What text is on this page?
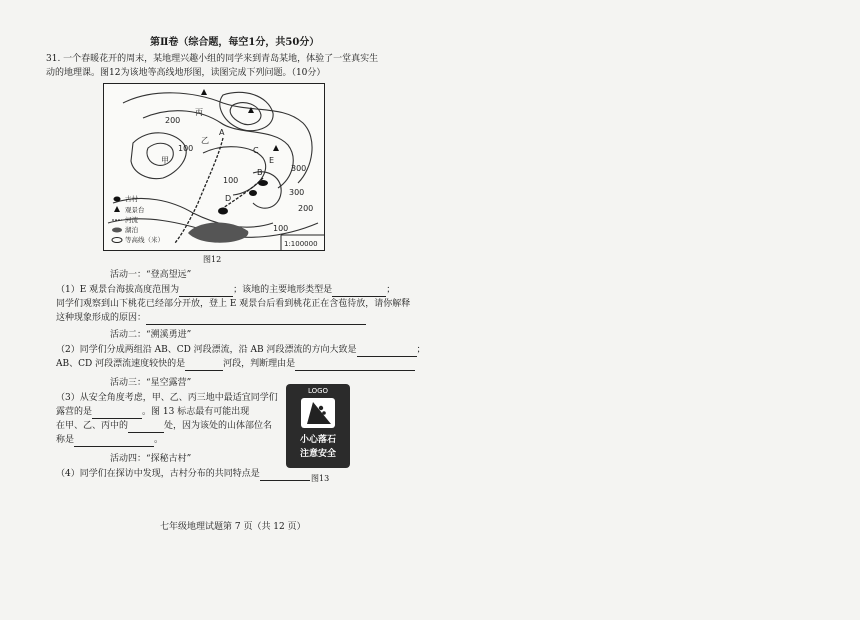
第Ⅱ卷（综合题，每空1分，共50分）
31. 一个春暖花开的周末，某地理兴趣小组的同学来到青岛某地，体验了一堂真实生
动的地理课。图12为该地等高线地形图，读图完成下列问题。（10分）
200
100
100
300
300
200
100
丙
乙
甲
A
B
C
D
E
古村
观景台
河流
湖泊
等高线（米）	1:100000
图12
活动一：“登高望远”
（1）E 观景台海拔高度范围为	；该地的主要地形类型是	；
同学们观察到山下桃花已经部分开放，登上 E 观景台后看到桃花正在含苞待放，请你解释
这种现象形成的原因：
活动二：“溯溪勇进”
（2）同学们分成两组沿 AB、CD 河段漂流，沿 AB 河段漂流的方向大致是	；
AB、CD 河段漂流速度较快的是	河段，判断理由是
活动三：“星空露营”
（3）从安全角度考虑，甲、乙、丙三地中最适宜同学们
露营的是	。图 13 标志最有可能出现
在甲、乙、丙中的	处，因为该处的山体部位名
称是	。
LOGO
小心落石
注意安全
图13
活动四：“探秘古村”
（4）同学们在探访中发现，古村分布的共同特点是
七年级地理试题第 7 页（共 12 页）
